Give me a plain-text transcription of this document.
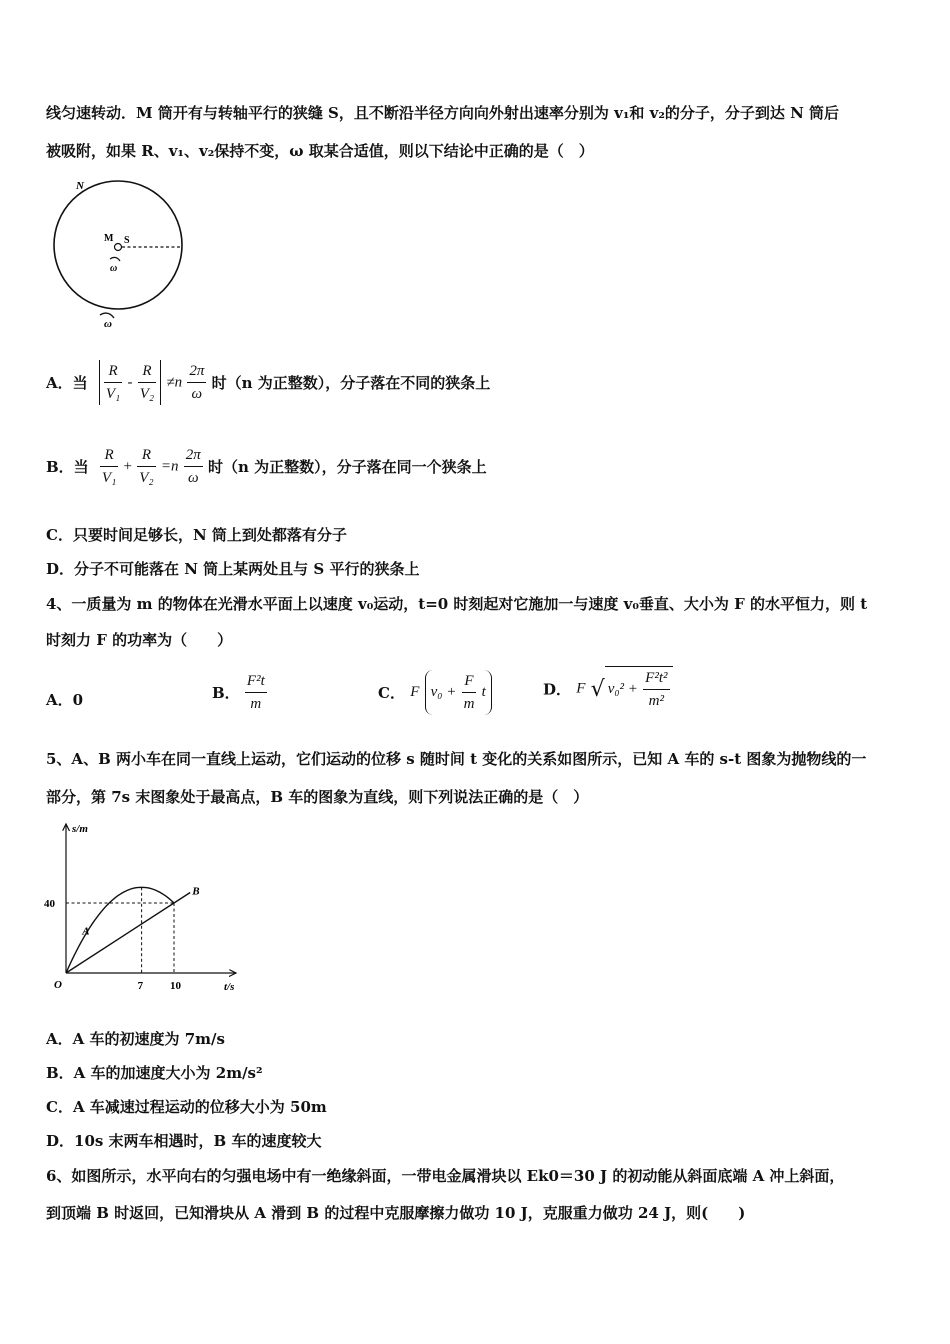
线匀速转动．M 筒开有与转轴平行的狭缝 S，且不断沿半径方向向外射出速率分别为 v₁和 v₂的分子，分子到达 N 筒后
被吸附，如果 R、v₁、v₂保持不变，ω 取某合适值，则以下结论中正确的是（　）
N
M S
ω
ω
A．当 $\frac{R}{\text{V₁}} - \frac{R}{\text{V₂}} \ne n \frac{2\pi}{\omega}$ 时（n 为正整数），分子落在不同的狭条上
B．当 $\frac{R}{\text{V₁}} + \frac{R}{\text{V₂}} =n \frac{2\pi}{\omega}$ 时（n 为正整数），分子落在同一个狭条上
C．只要时间足够长，N 筒上到处都落有分子
D．分子不可能落在 N 筒上某两处且与 S 平行的狭条上
4、一质量为 m 的物体在光滑水平面上以速度 v₀运动，t=0 时刻起对它施加一与速度 v₀垂直、大小为 F 的水平恒力，则 t
时刻力 F 的功率为（　　）
A．0	B． $\frac{\text{F²t}}{m}$	C． F $v_0 + \frac{F}{m}$ t	D． F √ $v_0^2 + \frac{\text{F²t²}}{\text{m²}}$
5、A、B 两小车在同一直线上运动，它们运动的位移 s 随时间 t 变化的关系如图所示，已知 A 车的 s-t 图象为抛物线的一
部分，第 7s 末图象处于最高点，B 车的图象为直线，则下列说法正确的是（　）
s/m
t/s
O	7 10
40
A
B
A．A 车的初速度为 7m/s
B．A 车的加速度大小为 2m/s²
C．A 车减速过程运动的位移大小为 50m
D．10s 末两车相遇时，B 车的速度较大
6、如图所示，水平向右的匀强电场中有一绝缘斜面，一带电金属滑块以 Ek0＝30 J 的初动能从斜面底端 A 冲上斜面，
到顶端 B 时返回，已知滑块从 A 滑到 B 的过程中克服摩擦力做功 10 J，克服重力做功 24 J，则(　　)
